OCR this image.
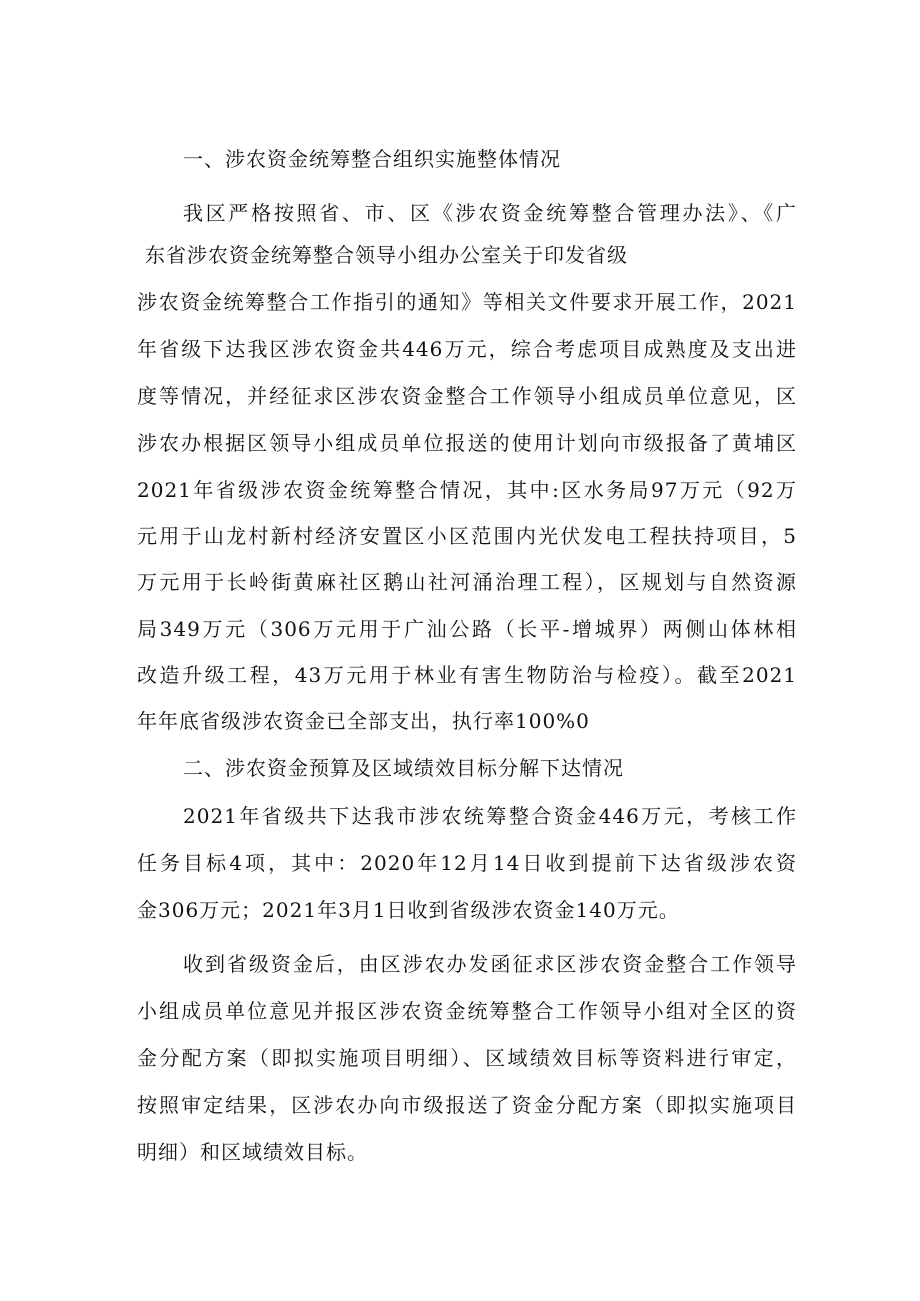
一、涉农资金统筹整合组织实施整体情况
我区严格按照省、市、区《涉农资金统筹整合管理办法》、《广
东省涉农资金统筹整合领导小组办公室关于印发省级
涉农资金统筹整合工作指引的通知》等相关文件要求开展工作，2021
年省级下达我区涉农资金共446万元，综合考虑项目成熟度及支出进
度等情况，并经征求区涉农资金整合工作领导小组成员单位意见，区
涉农办根据区领导小组成员单位报送的使用计划向市级报备了黄埔区
2021年省级涉农资金统筹整合情况，其中:区水务局97万元（92万
元用于山龙村新村经济安置区小区范围内光伏发电工程扶持项目，5
万元用于长岭街黄麻社区鹅山社河涌治理工程），区规划与自然资源
局349万元（306万元用于广汕公路（长平-增城界）两侧山体林相
改造升级工程，43万元用于林业有害生物防治与检疫）。截至2021
年年底省级涉农资金已全部支出，执行率100%0
二、涉农资金预算及区域绩效目标分解下达情况
2021年省级共下达我市涉农统筹整合资金446万元，考核工作
任务目标4项，其中：2020年12月14日收到提前下达省级涉农资
金306万元；2021年3月1日收到省级涉农资金140万元。
收到省级资金后，由区涉农办发函征求区涉农资金整合工作领导
小组成员单位意见并报区涉农资金统筹整合工作领导小组对全区的资
金分配方案（即拟实施项目明细）、区域绩效目标等资料进行审定，
按照审定结果，区涉农办向市级报送了资金分配方案（即拟实施项目
明细）和区域绩效目标。
